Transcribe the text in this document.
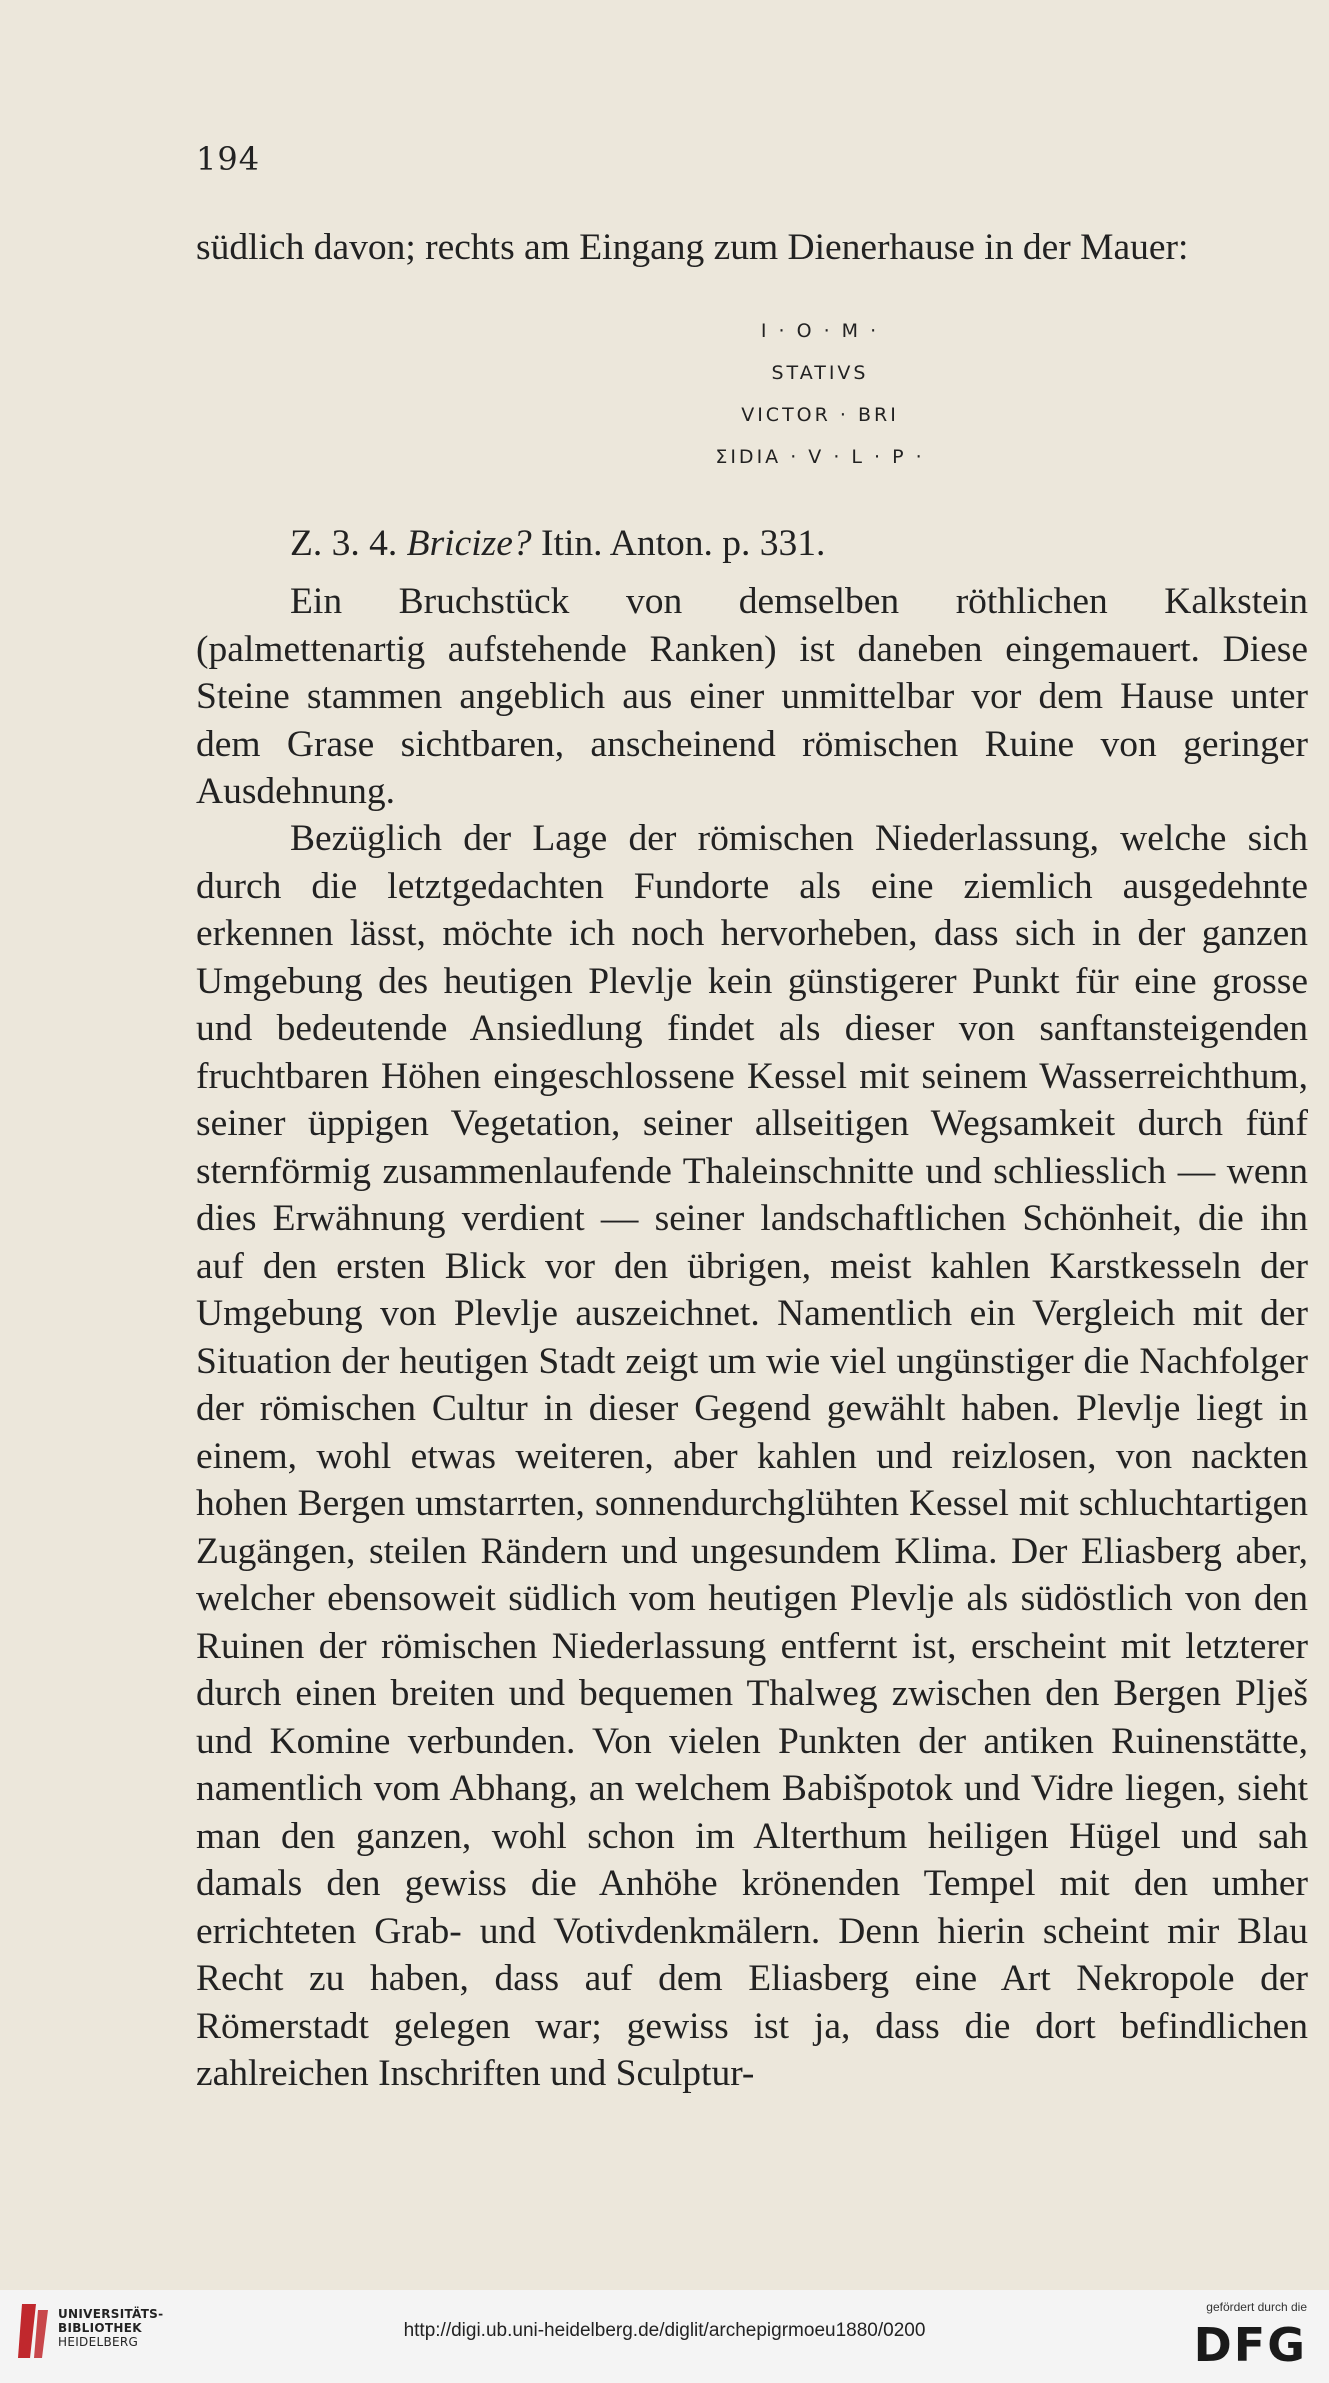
194
südlich davon; rechts am Eingang zum Dienerhause in der Mauer:
I · O · M ·
STATIVS
VICTOR · BRI
ΣIDIA · V · L · P ·
Z. 3. 4. Bricize? Itin. Anton. p. 331.
Ein Bruchstück von demselben röthlichen Kalkstein (palmettenartig aufstehende Ranken) ist daneben eingemauert. Diese Steine stammen angeblich aus einer unmittelbar vor dem Hause unter dem Grase sichtbaren, anscheinend römischen Ruine von geringer Ausdehnung.
Bezüglich der Lage der römischen Niederlassung, welche sich durch die letztgedachten Fundorte als eine ziemlich ausgedehnte erkennen lässt, möchte ich noch hervorheben, dass sich in der ganzen Umgebung des heutigen Plevlje kein günstigerer Punkt für eine grosse und bedeutende Ansiedlung findet als dieser von sanftansteigenden fruchtbaren Höhen eingeschlossene Kessel mit seinem Wasserreichthum, seiner üppigen Vegetation, seiner allseitigen Wegsamkeit durch fünf sternförmig zusammenlaufende Thaleinschnitte und schliesslich — wenn dies Erwähnung verdient — seiner landschaftlichen Schönheit, die ihn auf den ersten Blick vor den übrigen, meist kahlen Karstkesseln der Umgebung von Plevlje auszeichnet. Namentlich ein Vergleich mit der Situation der heutigen Stadt zeigt um wie viel ungünstiger die Nachfolger der römischen Cultur in dieser Gegend gewählt haben. Plevlje liegt in einem, wohl etwas weiteren, aber kahlen und reizlosen, von nackten hohen Bergen umstarrten, sonnendurchglühten Kessel mit schluchtartigen Zugängen, steilen Rändern und ungesundem Klima. Der Eliasberg aber, welcher ebensoweit südlich vom heutigen Plevlje als südöstlich von den Ruinen der römischen Niederlassung entfernt ist, erscheint mit letzterer durch einen breiten und bequemen Thalweg zwischen den Bergen Plješ und Komine verbunden. Von vielen Punkten der antiken Ruinenstätte, namentlich vom Abhang, an welchem Babišpotok und Vidre liegen, sieht man den ganzen, wohl schon im Alterthum heiligen Hügel und sah damals den gewiss die Anhöhe krönenden Tempel mit den umher errichteten Grab- und Votivdenkmälern. Denn hierin scheint mir Blau Recht zu haben, dass auf dem Eliasberg eine Art Nekropole der Römerstadt gelegen war; gewiss ist ja, dass die dort befindlichen zahlreichen Inschriften und Sculptur-
UNIVERSITÄTS-
BIBLIOTHEK
HEIDELBERG
http://digi.ub.uni-heidelberg.de/diglit/archepigrmoeu1880/0200
gefördert durch die
DFG
